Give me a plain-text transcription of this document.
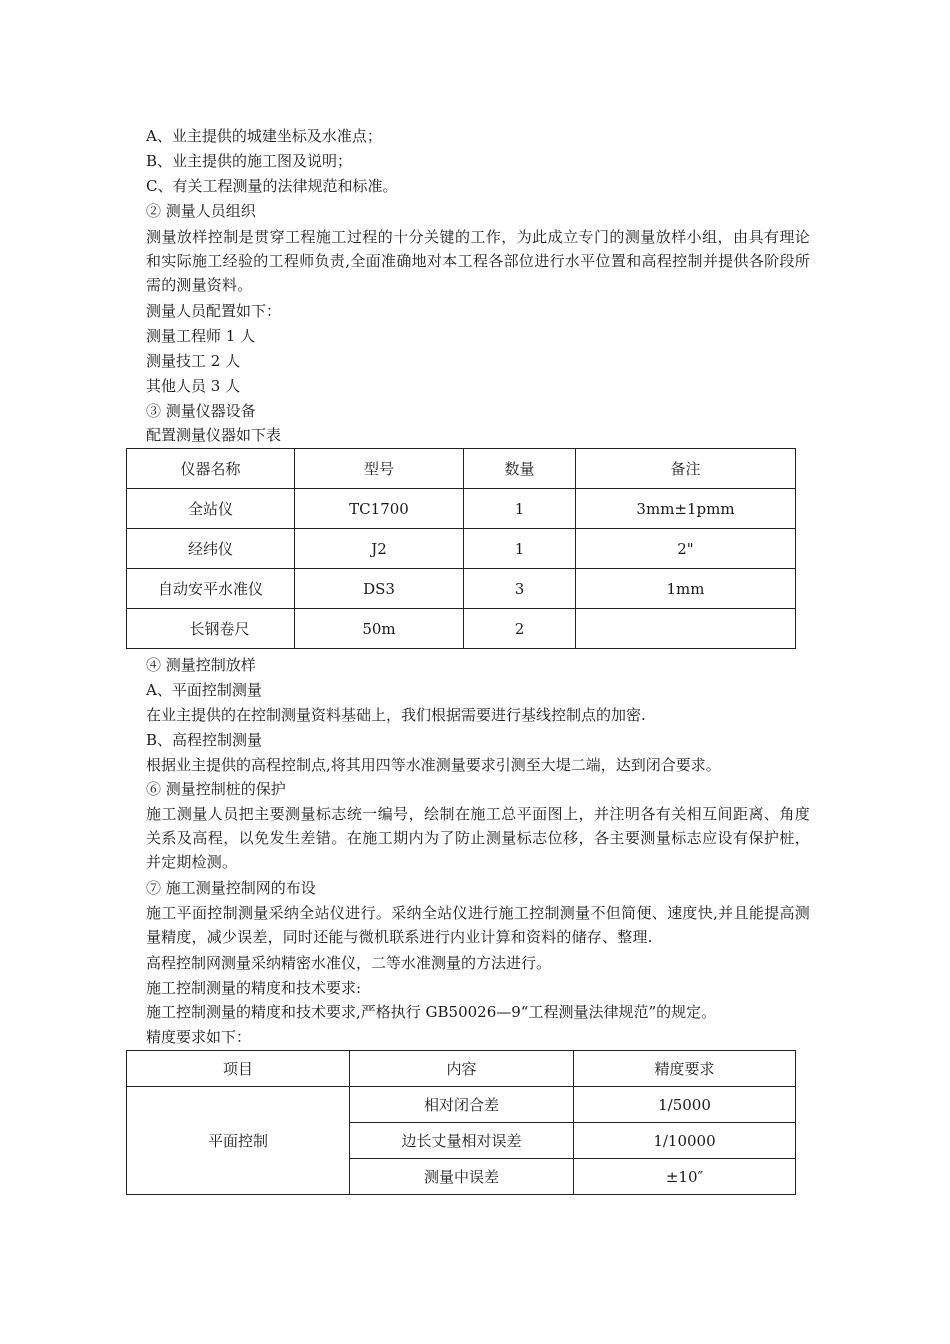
A、业主提供的城建坐标及水准点；
B、业主提供的施工图及说明；
C、有关工程测量的法律规范和标准。
② 测量人员组织
测量放样控制是贯穿工程施工过程的十分关键的工作，为此成立专门的测量放样小组，由具有理论和实际施工经验的工程师负责,全面准确地对本工程各部位进行水平位置和高程控制并提供各阶段所需的测量资料。
测量人员配置如下：
测量工程师 1 人
测量技工 2 人
其他人员 3 人
③ 测量仪器设备
配置测量仪器如下表
仪器名称	型号	数量	备注
全站仪	TC1700	1	3mm±1pmm
经纬仪	J2	1	2"
自动安平水准仪	DS3	3	1mm
长钢卷尺	50m	2	
④ 测量控制放样
A、平面控制测量
在业主提供的在控制测量资料基础上，我们根据需要进行基线控制点的加密.
B、高程控制测量
根据业主提供的高程控制点,将其用四等水准测量要求引测至大堤二端，达到闭合要求。
⑥ 测量控制桩的保护
施工测量人员把主要测量标志统一编号，绘制在施工总平面图上，并注明各有关相互间距离、角度关系及高程，以免发生差错。在施工期内为了防止测量标志位移，各主要测量标志应设有保护桩，并定期检测。
⑦ 施工测量控制网的布设
施工平面控制测量采纳全站仪进行。采纳全站仪进行施工控制测量不但简便、速度快,并且能提高测量精度，减少误差，同时还能与微机联系进行内业计算和资料的储存、整理.
高程控制网测量采纳精密水准仪，二等水准测量的方法进行。
施工控制测量的精度和技术要求:
施工控制测量的精度和技术要求,严格执行 GB50026—9“工程测量法律规范”的规定。
精度要求如下：
项目	内容	精度要求
平面控制	相对闭合差	1/5000
	边长丈量相对误差	1/10000
	测量中误差	±10″
